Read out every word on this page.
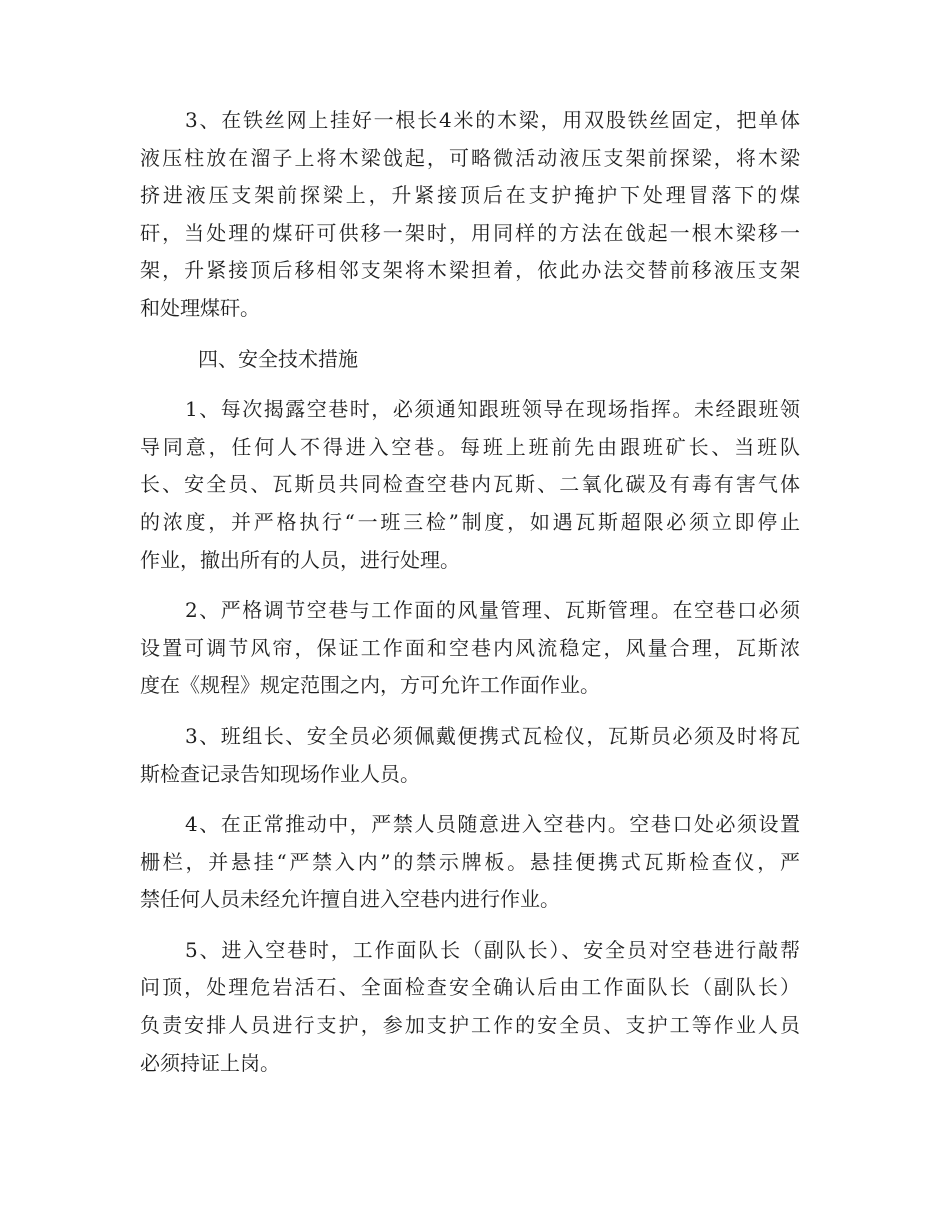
3、在铁丝网上挂好一根长4米的木梁，用双股铁丝固定，把单体
液压柱放在溜子上将木梁戗起，可略微活动液压支架前探梁，将木梁
挤进液压支架前探梁上，升紧接顶后在支护掩护下处理冒落下的煤
矸，当处理的煤矸可供移一架时，用同样的方法在戗起一根木梁移一
架，升紧接顶后移相邻支架将木梁担着，依此办法交替前移液压支架
和处理煤矸。
四、安全技术措施
1、每次揭露空巷时，必须通知跟班领导在现场指挥。未经跟班领
导同意，任何人不得进入空巷。每班上班前先由跟班矿长、当班队
长、安全员、瓦斯员共同检查空巷内瓦斯、二氧化碳及有毒有害气体
的浓度，并严格执行“一班三检”制度，如遇瓦斯超限必须立即停止
作业，撤出所有的人员，进行处理。
2、严格调节空巷与工作面的风量管理、瓦斯管理。在空巷口必须
设置可调节风帘，保证工作面和空巷内风流稳定，风量合理，瓦斯浓
度在《规程》规定范围之内，方可允许工作面作业。
3、班组长、安全员必须佩戴便携式瓦检仪，瓦斯员必须及时将瓦
斯检查记录告知现场作业人员。
4、在正常推动中，严禁人员随意进入空巷内。空巷口处必须设置
栅栏，并悬挂“严禁入内”的禁示牌板。悬挂便携式瓦斯检查仪，严
禁任何人员未经允许擅自进入空巷内进行作业。
5、进入空巷时，工作面队长（副队长）、安全员对空巷进行敲帮
问顶，处理危岩活石、全面检查安全确认后由工作面队长（副队长）
负责安排人员进行支护，参加支护工作的安全员、支护工等作业人员
必须持证上岗。
